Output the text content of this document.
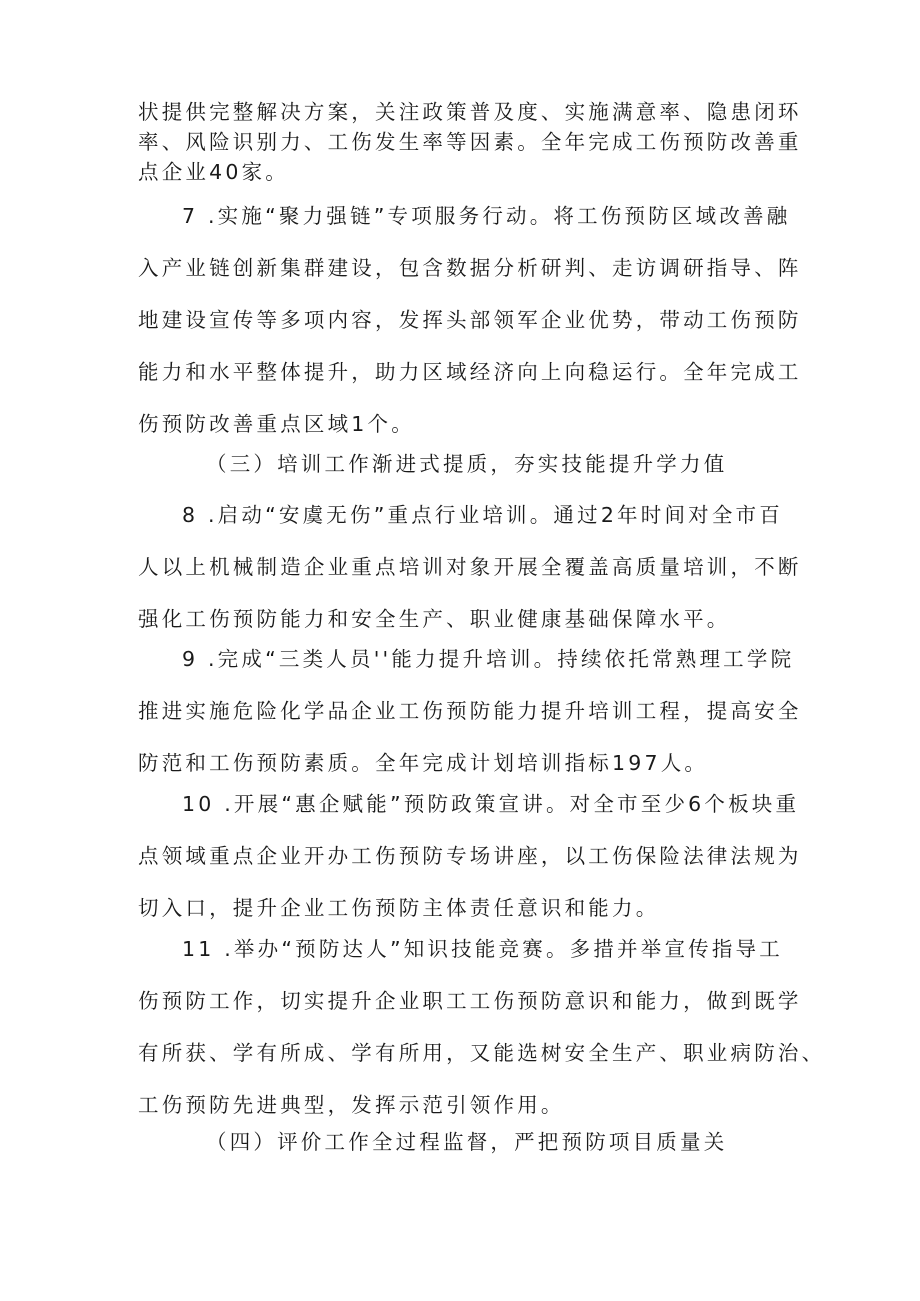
状提供完整解决方案，关注政策普及度、实施满意率、隐患闭环
率、风险识别力、工伤发生率等因素。全年完成工伤预防改善重
点企业40家。
7 .实施“聚力强链”专项服务行动。将工伤预防区域改善融
入产业链创新集群建设，包含数据分析研判、走访调研指导、阵
地建设宣传等多项内容，发挥头部领军企业优势，带动工伤预防
能力和水平整体提升，助力区域经济向上向稳运行。全年完成工
伤预防改善重点区域1个。
（三）培训工作渐进式提质，夯实技能提升学力值
8 .启动“安虞无伤”重点行业培训。通过2年时间对全市百
人以上机械制造企业重点培训对象开展全覆盖高质量培训，不断
强化工伤预防能力和安全生产、职业健康基础保障水平。
9 .完成“三类人员''能力提升培训。持续依托常熟理工学院
推进实施危险化学品企业工伤预防能力提升培训工程，提高安全
防范和工伤预防素质。全年完成计划培训指标197人。
10 .开展“惠企赋能”预防政策宣讲。对全市至少6个板块重
点领域重点企业开办工伤预防专场讲座，以工伤保险法律法规为
切入口，提升企业工伤预防主体责任意识和能力。
11 .举办“预防达人”知识技能竞赛。多措并举宣传指导工
伤预防工作，切实提升企业职工工伤预防意识和能力，做到既学
有所获、学有所成、学有所用，又能选树安全生产、职业病防治、
工伤预防先进典型，发挥示范引领作用。
（四）评价工作全过程监督，严把预防项目质量关
